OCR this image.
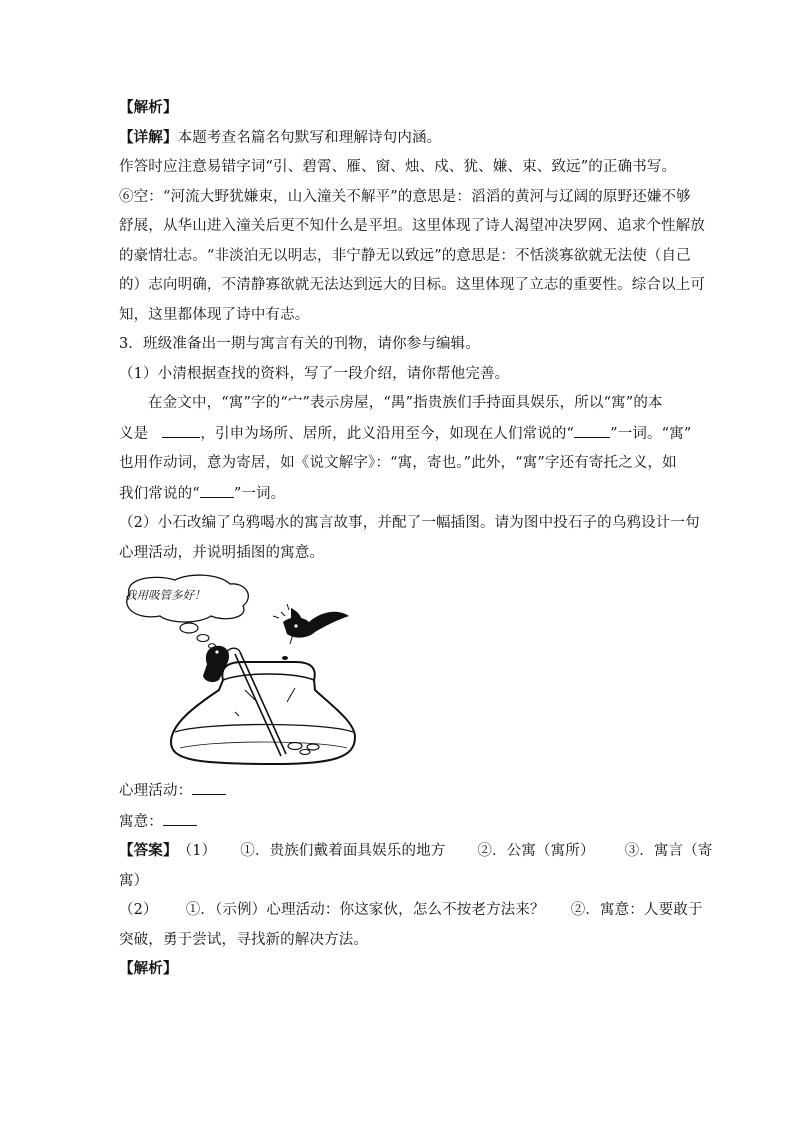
【解析】
【详解】本题考查名篇名句默写和理解诗句内涵。
作答时应注意易错字词“引、碧霄、雁、窗、烛、戍、犹、嫌、束、致远”的正确书写。
⑥空：“河流大野犹嫌束，山入潼关不解平”的意思是：滔滔的黄河与辽阔的原野还嫌不够
舒展，从华山进入潼关后更不知什么是平坦。这里体现了诗人渴望冲决罗网、追求个性解放
的豪情壮志。“非淡泊无以明志，非宁静无以致远”的意思是：不恬淡寡欲就无法使（自己
的）志向明确，不清静寡欲就无法达到远大的目标。这里体现了立志的重要性。综合以上可
知，这里都体现了诗中有志。
3．班级准备出一期与寓言有关的刊物，请你参与编辑。
（1）小清根据查找的资料，写了一段介绍，请你帮他完善。
在金文中，“寓”字的“宀”表示房屋，“禺”指贵族们手持面具娱乐，所以“寓”的本
义是	，引申为场所、居所，此义沿用至今，如现在人们常说的“ ”一词。“寓”
也用作动词，意为寄居，如《说文解字》：“寓，寄也。”此外，“寓”字还有寄托之义，如
我们常说的“ ”一词。
（2）小石改编了乌鸦喝水的寓言故事，并配了一幅插图。请为图中投石子的乌鸦设计一句
心理活动，并说明插图的寓意。
我用吸管多好！
心理活动：
寓意：
【答案】（1） ①．贵族们戴着面具娱乐的地方 ②．公寓（寓所） ③．寓言（寄
寓）
（2） ①．（示例）心理活动：你这家伙，怎么不按老方法来？ ②．寓意：人要敢于
突破，勇于尝试，寻找新的解决方法。
【解析】
